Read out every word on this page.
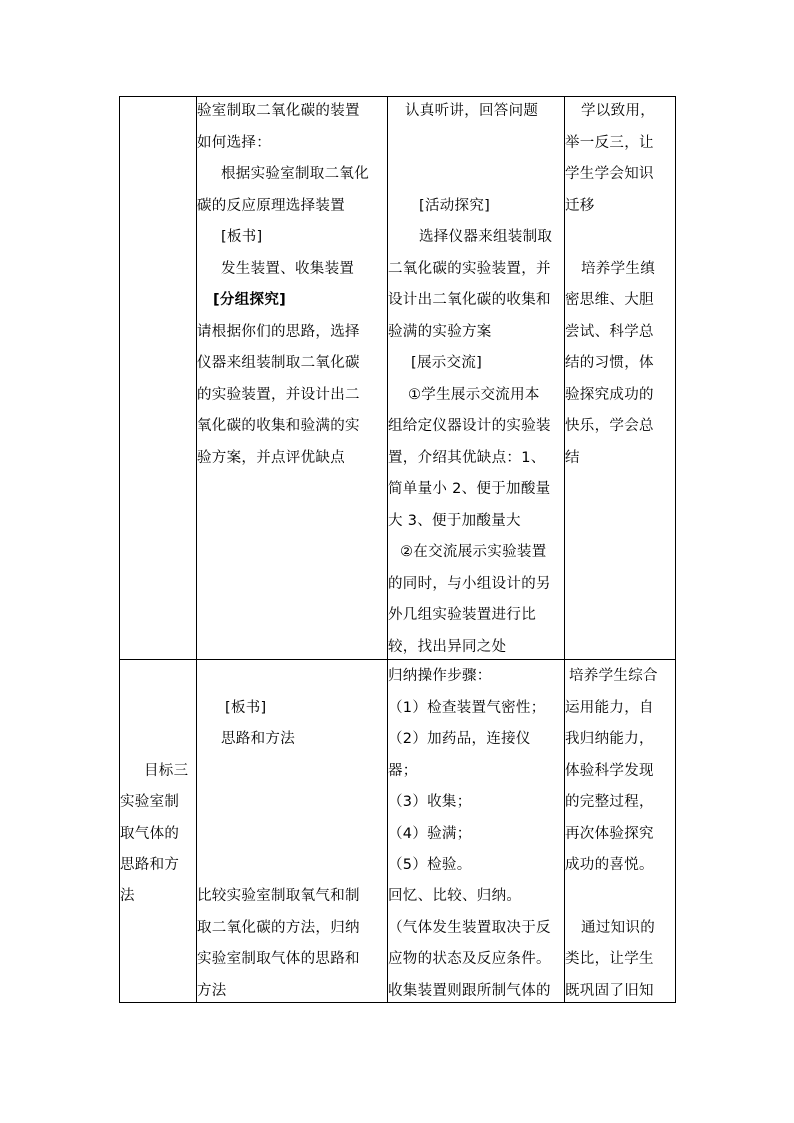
验室制取二氧化碳的装置
如何选择：
根据实验室制取二氧化
碳的反应原理选择装置
[板书]
发生装置、收集装置
[分组探究]
请根据你们的思路，选择
仪器来组装制取二氧化碳
的实验装置，并设计出二
氧化碳的收集和验满的实
验方案，并点评优缺点
认真听讲，回答问题
[活动探究]
选择仪器来组装制取
二氧化碳的实验装置，并
设计出二氧化碳的收集和
验满的实验方案
[展示交流]
①学生展示交流用本
组给定仪器设计的实验装
置，介绍其优缺点：1、
简单量小 2、便于加酸量
大 3、便于加酸量大
②在交流展示实验装置
的同时，与小组设计的另
外几组实验装置进行比
较，找出异同之处
学以致用，
举一反三，让
学生学会知识
迁移
培养学生缜
密思维、大胆
尝试、科学总
结的习惯，体
验探究成功的
快乐，学会总
结
目标三
实验室制
取气体的
思路和方
法
[板书]
思路和方法
比较实验室制取氧气和制
取二氧化碳的方法，归纳
实验室制取气体的思路和
方法
归纳操作步骤：
（1）检查装置气密性；
（2）加药品，连接仪
器；
（3）收集；
（4）验满；
（5）检验。
回忆、比较、归纳。
（气体发生装置取决于反
应物的状态及反应条件。
收集装置则跟所制气体的
培养学生综合
运用能力，自
我归纳能力，
体验科学发现
的完整过程，
再次体验探究
成功的喜悦。
通过知识的
类比，让学生
既巩固了旧知
